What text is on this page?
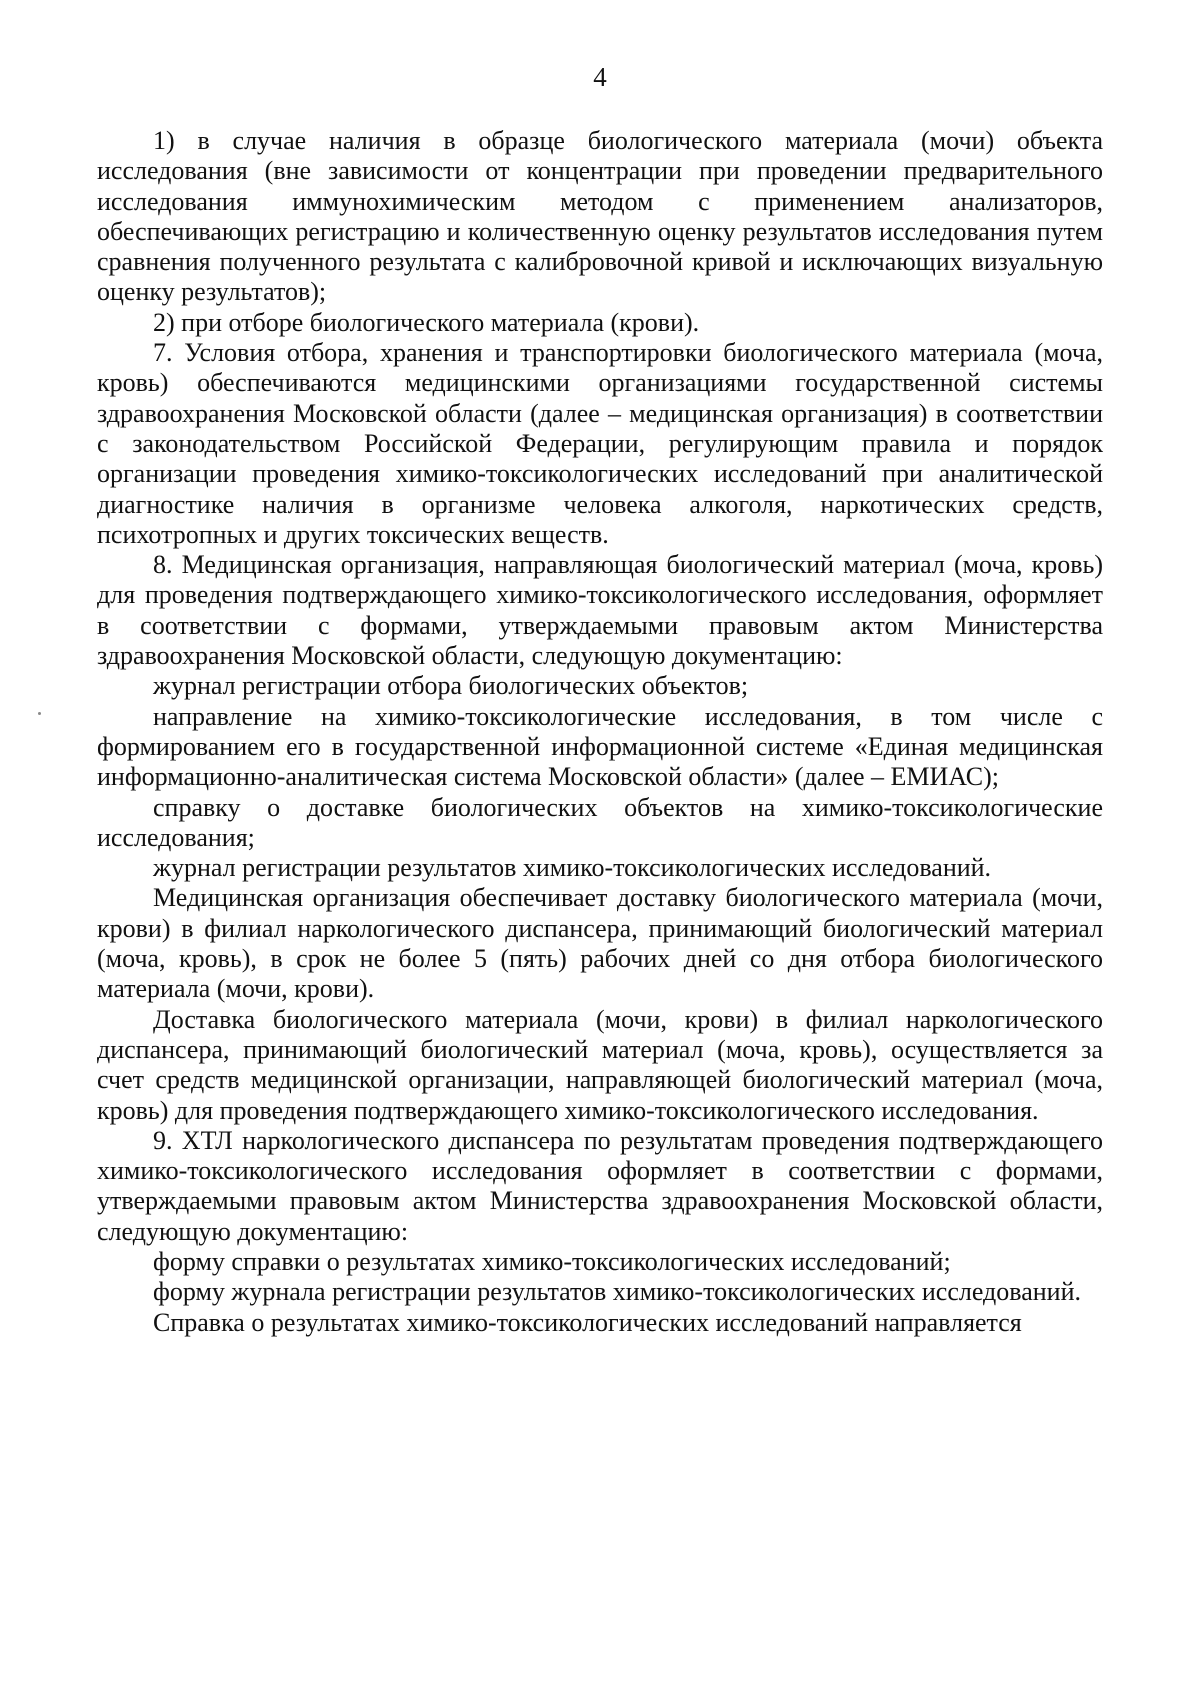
4

1) в случае наличия в образце биологического материала (мочи) объекта исследования (вне зависимости от концентрации при проведении предварительного исследования иммунохимическим методом с применением анализаторов, обеспечивающих регистрацию и количественную оценку результатов исследования путем сравнения полученного результата с калибровочной кривой и исключающих визуальную оценку результатов);

2) при отборе биологического материала (крови).

7. Условия отбора, хранения и транспортировки биологического материала (моча, кровь) обеспечиваются медицинскими организациями государственной системы здравоохранения Московской области (далее – медицинская организация) в соответствии с законодательством Российской Федерации, регулирующим правила и порядок организации проведения химико-токсикологических исследований при аналитической диагностике наличия в организме человека алкоголя, наркотических средств, психотропных и других токсических веществ.

8. Медицинская организация, направляющая биологический материал (моча, кровь) для проведения подтверждающего химико-токсикологического исследования, оформляет в соответствии с формами, утверждаемыми правовым актом Министерства здравоохранения Московской области, следующую документацию:

журнал регистрации отбора биологических объектов;

направление на химико-токсикологические исследования, в том числе с формированием его в государственной информационной системе «Единая медицинская информационно-аналитическая система Московской области» (далее – ЕМИАС);

справку о доставке биологических объектов на химико-токсикологические исследования;

журнал регистрации результатов химико-токсикологических исследований.

Медицинская организация обеспечивает доставку биологического материала (мочи, крови) в филиал наркологического диспансера, принимающий биологический материал (моча, кровь), в срок не более 5 (пять) рабочих дней со дня отбора биологического материала (мочи, крови).

Доставка биологического материала (мочи, крови) в филиал наркологического диспансера, принимающий биологический материал (моча, кровь), осуществляется за счет средств медицинской организации, направляющей биологический материал (моча, кровь) для проведения подтверждающего химико-токсикологического исследования.

9. ХТЛ наркологического диспансера по результатам проведения подтверждающего химико-токсикологического исследования оформляет в соответствии с формами, утверждаемыми правовым актом Министерства здравоохранения Московской области, следующую документацию:

форму справки о результатах химико-токсикологических исследований;

форму журнала регистрации результатов химико-токсикологических исследований.

Справка о результатах химико-токсикологических исследований направляется
